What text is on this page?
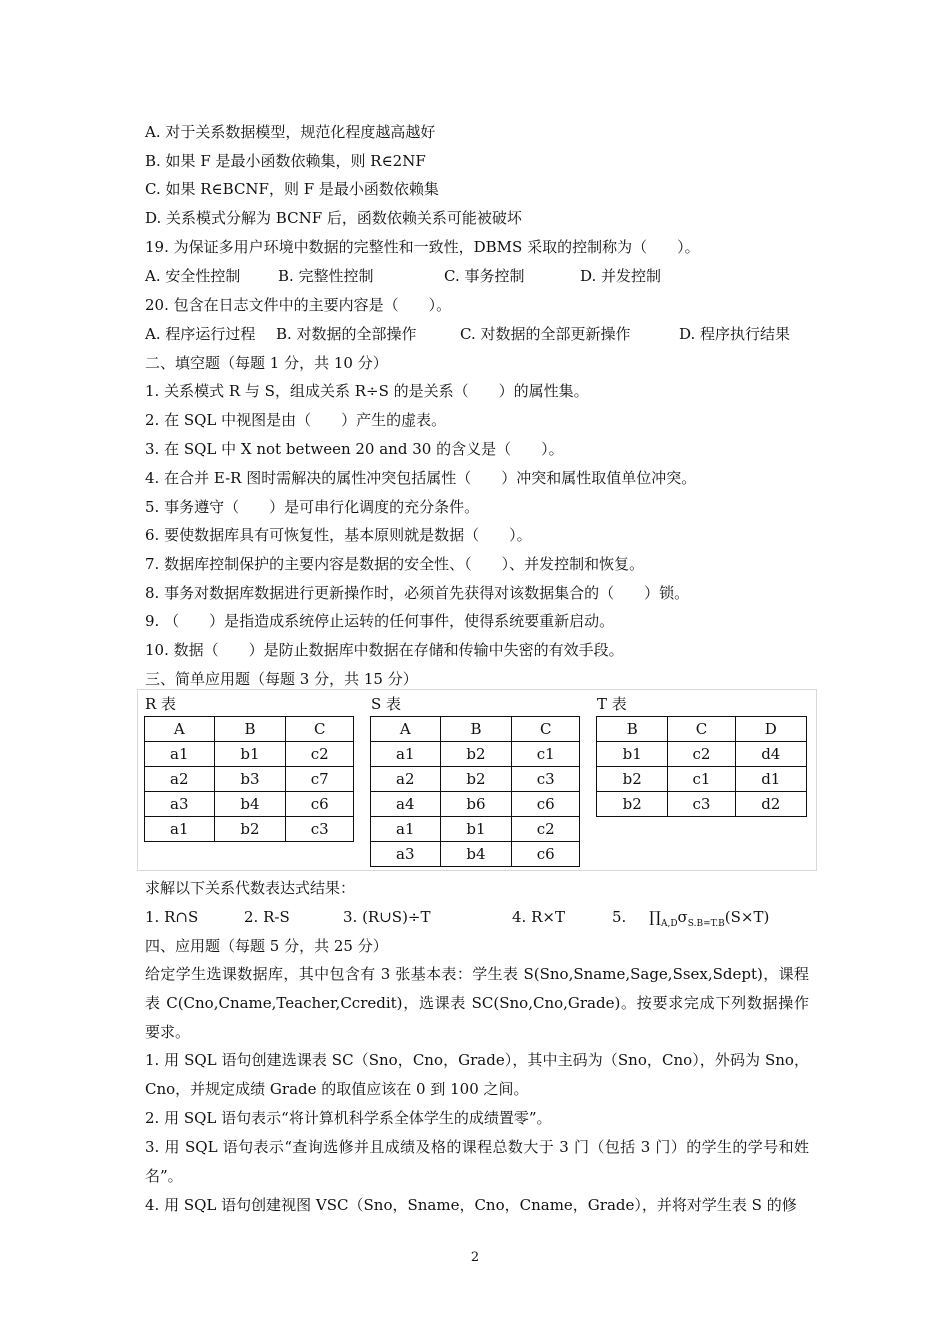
A. 对于关系数据模型，规范化程度越高越好
B. 如果 F 是最小函数依赖集，则 R∈2NF
C. 如果 R∈BCNF，则 F 是最小函数依赖集
D. 关系模式分解为 BCNF 后，函数依赖关系可能被破坏
19. 为保证多用户环境中数据的完整性和一致性，DBMS 采取的控制称为（　　）。
A. 安全性控制	B. 完整性控制	C. 事务控制	D. 并发控制
20. 包含在日志文件中的主要内容是（　　）。
A. 程序运行过程 B. 对数据的全部操作	C. 对数据的全部更新操作	D. 程序执行结果
二、填空题（每题 1 分，共 10 分）
1. 关系模式 R 与 S，组成关系 R÷S 的是关系（　　）的属性集。
2. 在 SQL 中视图是由（　　）产生的虚表。
3. 在 SQL 中 X not between 20 and 30 的含义是（　　）。
4. 在合并 E-R 图时需解决的属性冲突包括属性（　　）冲突和属性取值单位冲突。
5. 事务遵守（　　）是可串行化调度的充分条件。
6. 要使数据库具有可恢复性，基本原则就是数据（　　）。
7. 数据库控制保护的主要内容是数据的安全性、（　　）、并发控制和恢复。
8. 事务对数据库数据进行更新操作时，必须首先获得对该数据集合的（　　）锁。
9. （　　）是指造成系统停止运转的任何事件，使得系统要重新启动。
10. 数据（　　）是防止数据库中数据在存储和传输中失密的有效手段。
三、简单应用题（每题 3 分，共 15 分）
R 表
A	B	C
a1	b1	c2
a2	b3	c7
a3	b4	c6
a1	b2	c3
S 表
A	B	C
a1	b2	c1
a2	b2	c3
a4	b6	c6
a1	b1	c2
a3	b4	c6
T 表
B	C	D
b1	c2	d4
b2	c1	d1
b2	c3	d2
求解以下关系代数表达式结果：
1. R∩S	2. R-S	3. (R∪S)÷T	4. R×T	5. $\prod_{A,D}\sigma_{S.B=T.B}(S\times T)$
四、应用题（每题 5 分，共 25 分）
给定学生选课数据库，其中包含有 3 张基本表：学生表 S(Sno,Sname,Sage,Ssex,Sdept)，课程表 C(Cno,Cname,Teacher,Ccredit)，选课表 SC(Sno,Cno,Grade)。按要求完成下列数据操作要求。
1. 用 SQL 语句创建选课表 SC（Sno，Cno，Grade），其中主码为（Sno，Cno），外码为 Sno，Cno，并规定成绩 Grade 的取值应该在 0 到 100 之间。
2. 用 SQL 语句表示“将计算机科学系全体学生的成绩置零”。
3. 用 SQL 语句表示“查询选修并且成绩及格的课程总数大于 3 门（包括 3 门）的学生的学号和姓名”。
4. 用 SQL 语句创建视图 VSC（Sno，Sname，Cno，Cname，Grade），并将对学生表 S 的修
2
